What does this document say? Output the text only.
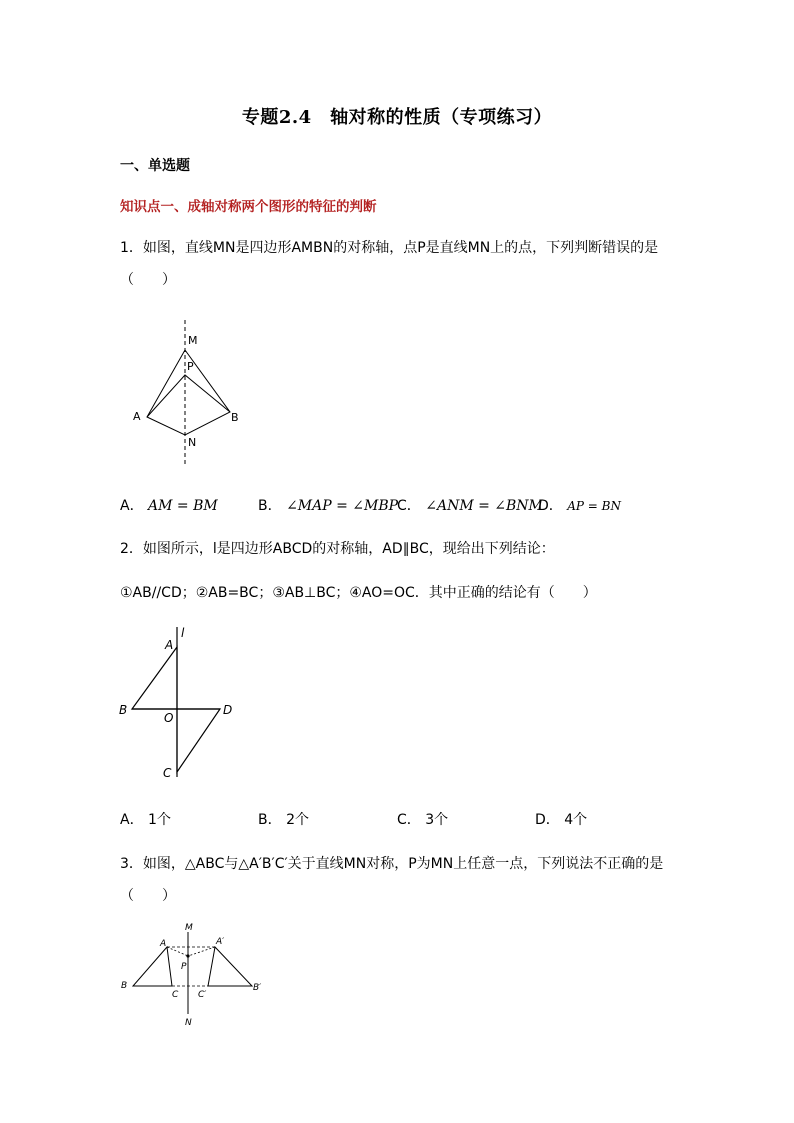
专题2.4　轴对称的性质（专项练习）
一、单选题
知识点一、成轴对称两个图形的特征的判断
1．如图，直线MN是四边形AMBN的对称轴，点P是直线MN上的点，下列判断错误的是（　　）
M
P
A	B
N
A． AM = BM	B． ∠MAP = ∠MBP
C． ∠ANM = ∠BNM
D． AP = BN
2．如图所示，l是四边形ABCD的对称轴，AD∥BC，现给出下列结论：
①AB//CD；②AB=BC；③AB⊥BC；④AO=OC．其中正确的结论有（　　）
l
A
B
O
D
C
A． 1个	B． 2个	C． 3个	D． 4个
3．如图，△ABC与△A′B′C′关于直线MN对称，P为MN上任意一点，下列说法不正确的是（　　）
M
A	A′
P
B
C C′
B′
N
